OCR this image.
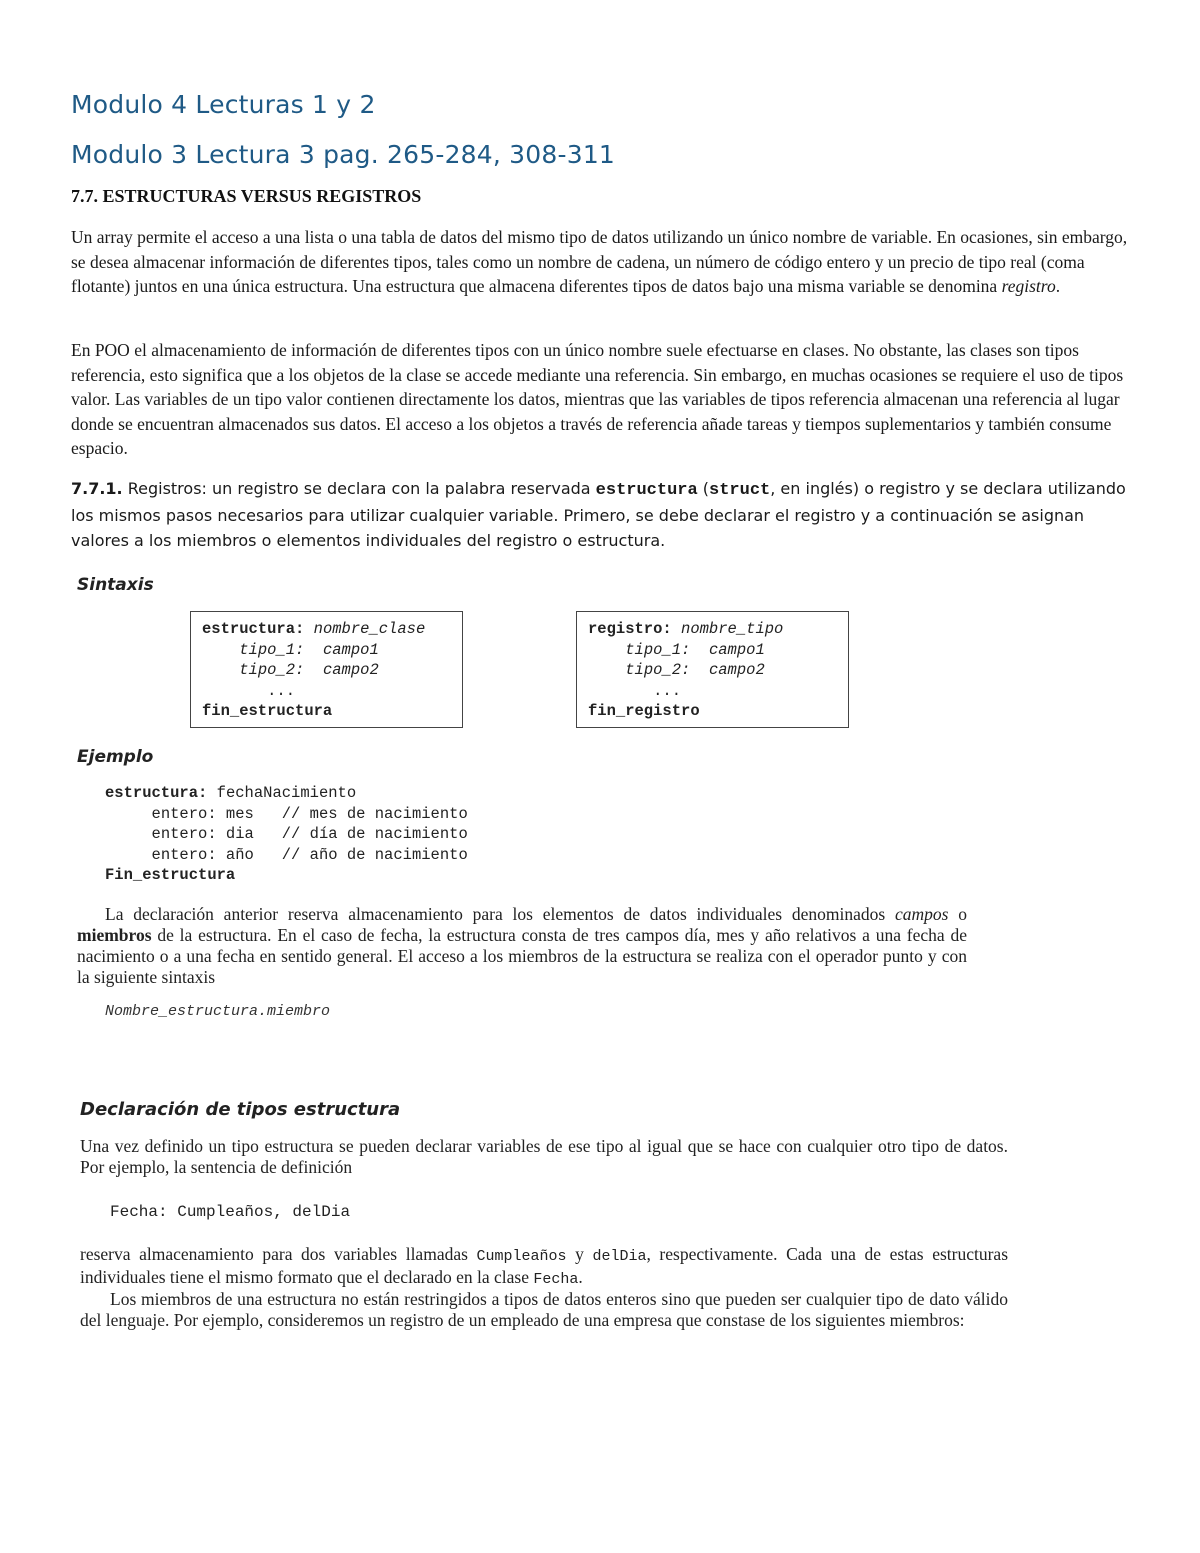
Modulo 4 Lecturas 1 y 2
Modulo 3 Lectura 3 pag. 265-284, 308-311
7.7. ESTRUCTURAS VERSUS REGISTROS
Un array permite el acceso a una lista o una tabla de datos del mismo tipo de datos utilizando un único nombre de variable. En ocasiones, sin embargo, se desea almacenar información de diferentes tipos, tales como un nombre de cadena, un número de código entero y un precio de tipo real (coma flotante) juntos en una única estructura. Una estructura que almacena diferentes tipos de datos bajo una misma variable se denomina registro.
En POO el almacenamiento de información de diferentes tipos con un único nombre suele efectuarse en clases. No obstante, las clases son tipos referencia, esto significa que a los objetos de la clase se accede mediante una referencia. Sin embargo, en muchas ocasiones se requiere el uso de tipos valor. Las variables de un tipo valor contienen directamente los datos, mientras que las variables de tipos referencia almacenan una referencia al lugar donde se encuentran almacenados sus datos. El acceso a los objetos a través de referencia añade tareas y tiempos suplementarios y también consume espacio.
7.7.1. Registros: un registro se declara con la palabra reservada estructura (struct, en inglés) o registro y se declara utilizando los mismos pasos necesarios para utilizar cualquier variable. Primero, se debe declarar el registro y a continuación se asignan valores a los miembros o elementos individuales del registro o estructura.
Sintaxis
estructura: nombre_clase
tipo_1: campo1
tipo_2: campo2
...
fin_estructura
registro: nombre_tipo
tipo_1: campo1
tipo_2: campo2
...
fin_registro
Ejemplo
estructura: fechaNacimiento
entero: mes   // mes de nacimiento
entero: dia   // día de nacimiento
entero: año   // año de nacimiento
Fin_estructura
La declaración anterior reserva almacenamiento para los elementos de datos individuales denominados campos o miembros de la estructura. En el caso de fecha, la estructura consta de tres campos día, mes y año relativos a una fecha de nacimiento o a una fecha en sentido general. El acceso a los miembros de la estructura se realiza con el operador punto y con la siguiente sintaxis
Nombre_estructura.miembro
Declaración de tipos estructura
Una vez definido un tipo estructura se pueden declarar variables de ese tipo al igual que se hace con cualquier otro tipo de datos. Por ejemplo, la sentencia de definición
Fecha: Cumpleaños, delDia
reserva almacenamiento para dos variables llamadas Cumpleaños y delDia, respectivamente. Cada una de estas estructuras individuales tiene el mismo formato que el declarado en la clase Fecha.
Los miembros de una estructura no están restringidos a tipos de datos enteros sino que pueden ser cualquier tipo de dato válido del lenguaje. Por ejemplo, consideremos un registro de un empleado de una empresa que constase de los siguientes miembros:
